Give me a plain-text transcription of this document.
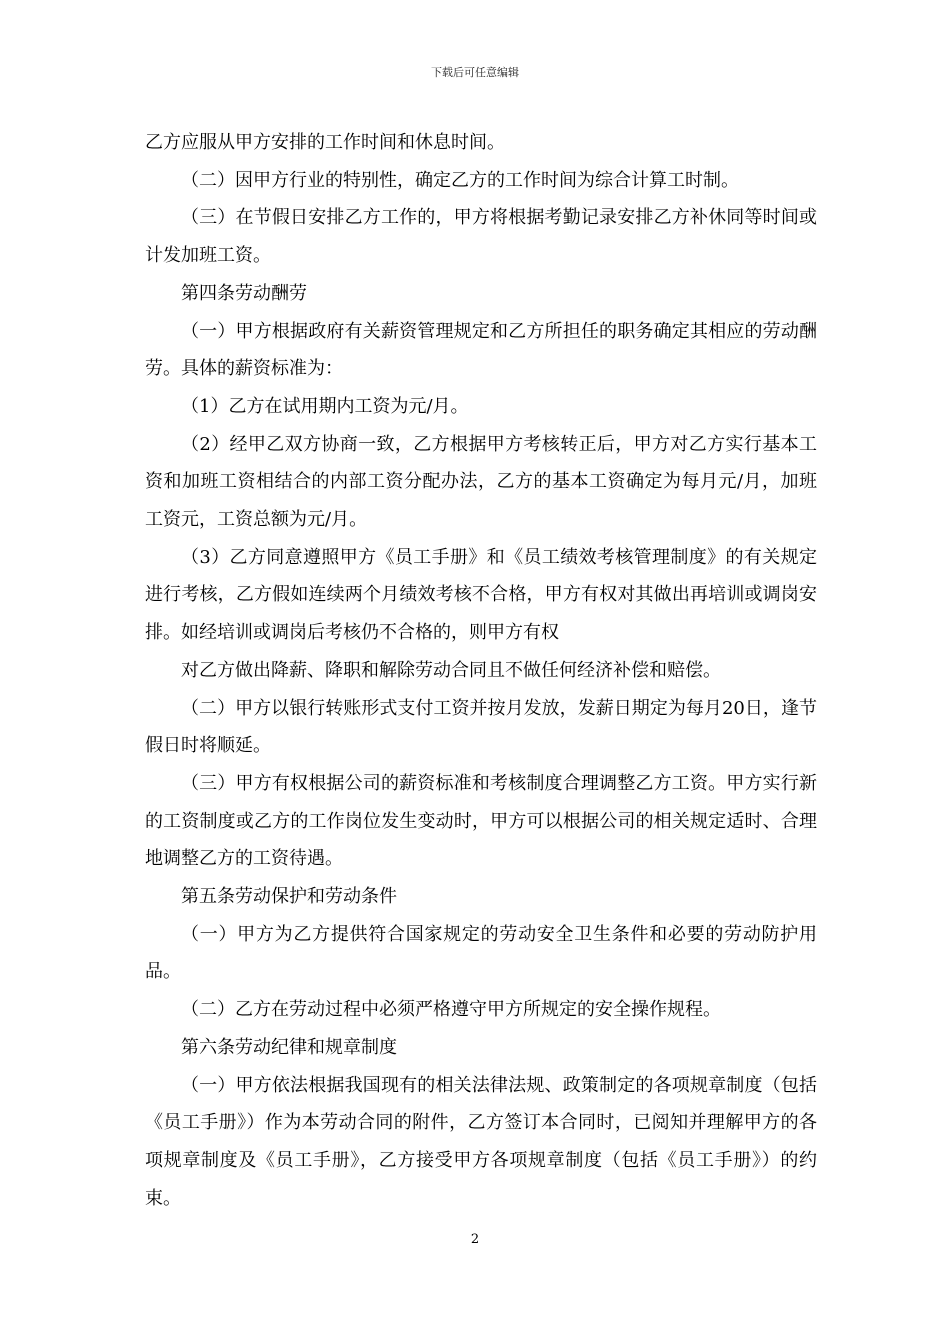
下载后可任意编辑

乙方应服从甲方安排的工作时间和休息时间。

（二）因甲方行业的特别性，确定乙方的工作时间为综合计算工时制。

（三）在节假日安排乙方工作的，甲方将根据考勤记录安排乙方补休同等时间或计发加班工资。

第四条劳动酬劳

（一）甲方根据政府有关薪资管理规定和乙方所担任的职务确定其相应的劳动酬劳。具体的薪资标准为：

（1）乙方在试用期内工资为元/月。

（2）经甲乙双方协商一致，乙方根据甲方考核转正后，甲方对乙方实行基本工资和加班工资相结合的内部工资分配办法，乙方的基本工资确定为每月元/月，加班工资元，工资总额为元/月。

（3）乙方同意遵照甲方《员工手册》和《员工绩效考核管理制度》的有关规定进行考核，乙方假如连续两个月绩效考核不合格，甲方有权对其做出再培训或调岗安排。如经培训或调岗后考核仍不合格的，则甲方有权

对乙方做出降薪、降职和解除劳动合同且不做任何经济补偿和赔偿。

（二）甲方以银行转账形式支付工资并按月发放，发薪日期定为每月20日，逢节假日时将顺延。

（三）甲方有权根据公司的薪资标准和考核制度合理调整乙方工资。甲方实行新的工资制度或乙方的工作岗位发生变动时，甲方可以根据公司的相关规定适时、合理地调整乙方的工资待遇。

第五条劳动保护和劳动条件

（一）甲方为乙方提供符合国家规定的劳动安全卫生条件和必要的劳动防护用品。

（二）乙方在劳动过程中必须严格遵守甲方所规定的安全操作规程。

第六条劳动纪律和规章制度

（一）甲方依法根据我国现有的相关法律法规、政策制定的各项规章制度（包括《员工手册》）作为本劳动合同的附件，乙方签订本合同时，已阅知并理解甲方的各项规章制度及《员工手册》，乙方接受甲方各项规章制度（包括《员工手册》）的约束。

2
